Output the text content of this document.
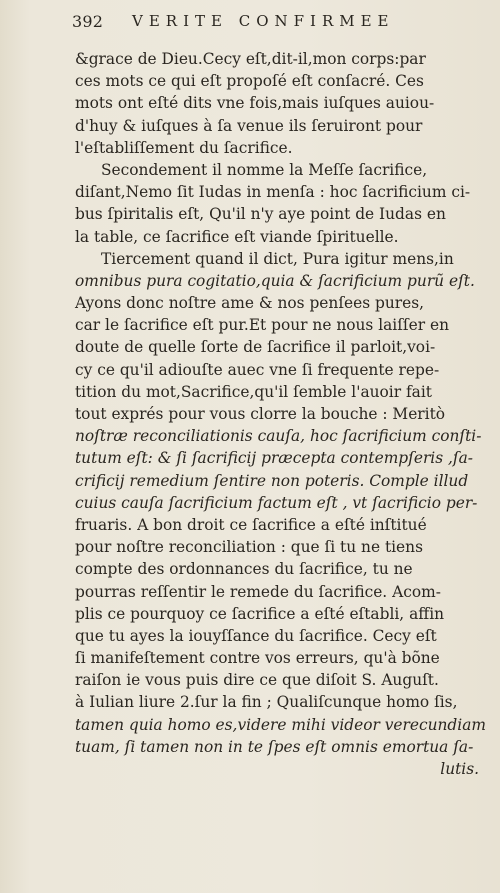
392 VERITE CONFIRMEE
&grace de Dieu.Cecy eſt,dit-il,mon corps:par
ces mots ce qui eſt propoſé eſt conſacré. Ces
mots ont eſté dits vne fois,mais iuſques auiou-
d'huy & iuſques à ſa venue ils ſeruiront pour
l'eſtabliſſement du ſacrifice.
Secondement il nomme la Meſſe ſacrifice,
diſant,Nemo ſit Iudas in menſa : hoc ſacrificium ci-
bus ſpiritalis eſt, Qu'il n'y aye point de Iudas en
la table, ce ſacrifice eſt viande ſpirituelle.
Tiercement quand il dict, Pura igitur mens,in
omnibus pura cogitatio,quia & ſacrificium purũ eſt.
Ayons donc noſtre ame & nos penſees pures,
car le ſacrifice eſt pur.Et pour ne nous laiſſer en
doute de quelle ſorte de ſacrifice il parloit,voi-
cy ce qu'il adiouſte auec vne ſi frequente repe-
tition du mot,Sacrifice,qu'il ſemble l'auoir fait
tout exprés pour vous clorre la bouche : Meritò
noſtræ reconciliationis cauſa, hoc ſacrificium conſti-
tutum eſt: & ſi ſacrificij præcepta contempſeris ,ſa-
crificij remedium ſentire non poteris. Comple illud
cuius cauſa ſacrificium factum eſt , vt ſacrificio per-
fruaris. A bon droit ce ſacrifice a eſté inſtitué
pour noſtre reconciliation : que ſi tu ne tiens
compte des ordonnances du ſacrifice, tu ne
pourras reſſentir le remede du ſacrifice. Acom-
plis ce pourquoy ce ſacrifice a eſté eſtabli, affin
que tu ayes la iouyſſance du ſacrifice. Cecy eſt
ſi manifeſtement contre vos erreurs, qu'à bõne
raiſon ie vous puis dire ce que diſoit S. Auguſt.
à Iulian liure 2.ſur la fin ; Qualiſcunque homo ſis,
tamen quia homo es,videre mihi videor verecundiam
tuam, ſi tamen non in te ſpes eſt omnis emortua ſa-
lutis.
